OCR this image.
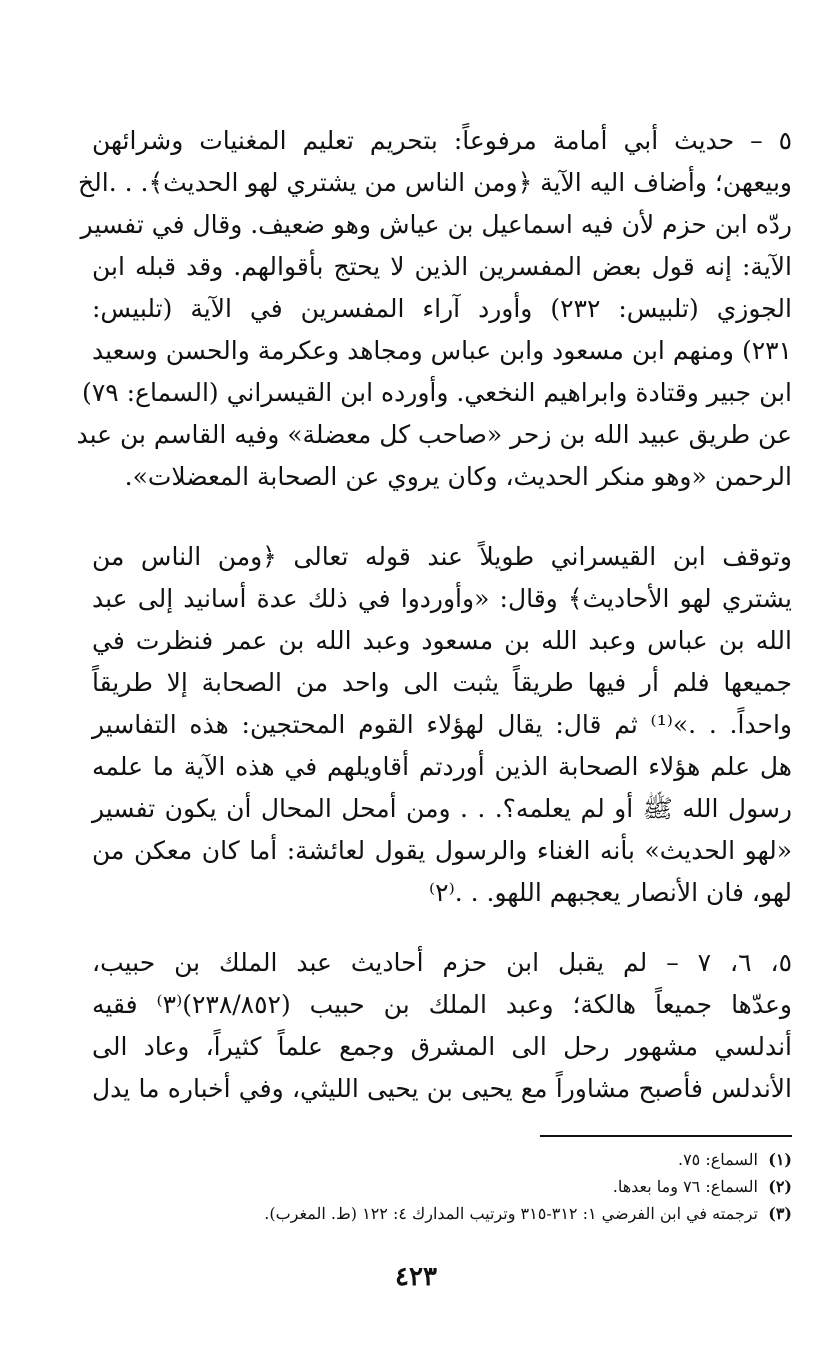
٥ – حديث أبي أمامة مرفوعاً: بتحريم تعليم المغنيات وشرائهن
وبيعهن؛ وأضاف اليه الآية ﴿ومن الناس من يشتري لهو الحديث﴾. . .الخ
ردّه ابن حزم لأن فيه اسماعيل بن عياش وهو ضعيف. وقال في تفسير
الآية: إنه قول بعض المفسرين الذين لا يحتج بأقوالهم. وقد قبله ابن
الجوزي (تلبيس: ٢٣٢) وأورد آراء المفسرين في الآية (تلبيس:
٢٣١) ومنهم ابن مسعود وابن عباس ومجاهد وعكرمة والحسن وسعيد
ابن جبير وقتادة وابراهيم النخعي. وأورده ابن القيسراني (السماع: ٧٩)
عن طريق عبيد الله بن زحر «صاحب كل معضلة» وفيه القاسم بن عبد
الرحمن «وهو منكر الحديث، وكان يروي عن الصحابة المعضلات».
وتوقف ابن القيسراني طويلاً عند قوله تعالى ﴿ومن الناس من
يشتري لهو الأحاديث﴾ وقال: «وأوردوا في ذلك عدة أسانيد إلى عبد
الله بن عباس وعبد الله بن مسعود وعبد الله بن عمر فنظرت في
جميعها فلم أر فيها طريقاً يثبت الى واحد من الصحابة إلا طريقاً
واحداً. . .»⁽¹⁾ ثم قال: يقال لهؤلاء القوم المحتجين: هذه التفاسير
هل علم هؤلاء الصحابة الذين أوردتم أقاويلهم في هذه الآية ما علمه
رسول الله ﷺ أو لم يعلمه؟. . . ومن أمحل المحال أن يكون تفسير
«لهو الحديث» بأنه الغناء والرسول يقول لعائشة: أما كان معكن من
لهو، فان الأنصار يعجبهم اللهو. . .⁽٢⁾
٥، ٦، ٧ – لم يقبل ابن حزم أحاديث عبد الملك بن حبيب،
وعدّها جميعاً هالكة؛ وعبد الملك بن حبيب (٢٣٨/٨٥٢)⁽٣⁾ فقيه
أندلسي مشهور رحل الى المشرق وجمع علماً كثيراً، وعاد الى
الأندلس فأصبح مشاوراً مع يحيى بن يحيى الليثي، وفي أخباره ما يدل
(١)السماع: ٧٥.
(٢)السماع: ٧٦ وما بعدها.
(٣)ترجمته في ابن الفرضي ١: ٣١٢-٣١٥ وترتيب المدارك ٤: ١٢٢ (ط. المغرب).
٤٢٣
